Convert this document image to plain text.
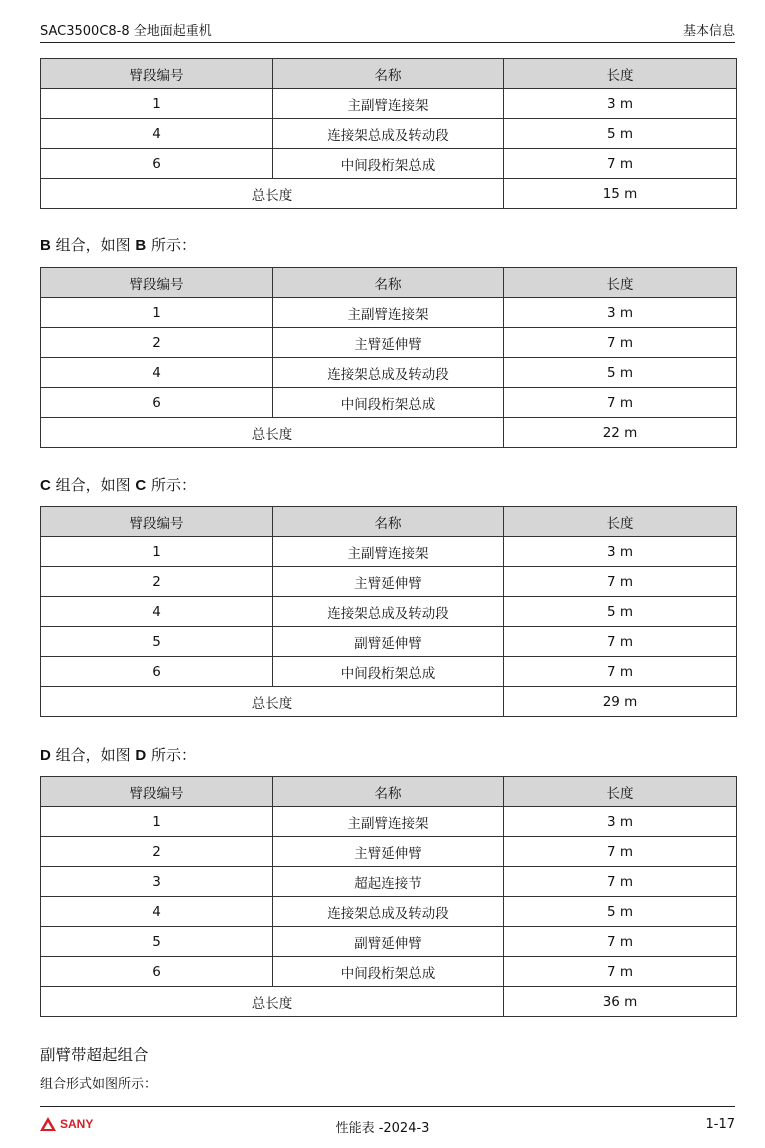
SAC3500C8-8 全地面起重机	基本信息
臂段编号	名称	长度
1	主副臂连接架	3 m
4	连接架总成及转动段	5 m
6	中间段桁架总成	7 m
总长度		15 m
B 组合，如图 B 所示：
臂段编号	名称	长度
1	主副臂连接架	3 m
2	主臂延伸臂	7 m
4	连接架总成及转动段	5 m
6	中间段桁架总成	7 m
总长度		22 m
C 组合，如图 C 所示：
臂段编号	名称	长度
1	主副臂连接架	3 m
2	主臂延伸臂	7 m
4	连接架总成及转动段	5 m
5	副臂延伸臂	7 m
6	中间段桁架总成	7 m
总长度		29 m
D 组合，如图 D 所示：
臂段编号	名称	长度
1	主副臂连接架	3 m
2	主臂延伸臂	7 m
3	超起连接节	7 m
4	连接架总成及转动段	5 m
5	副臂延伸臂	7 m
6	中间段桁架总成	7 m
总长度		36 m
副臂带超起组合
组合形式如图所示：
SANY	性能表 -2024-3	1-17
